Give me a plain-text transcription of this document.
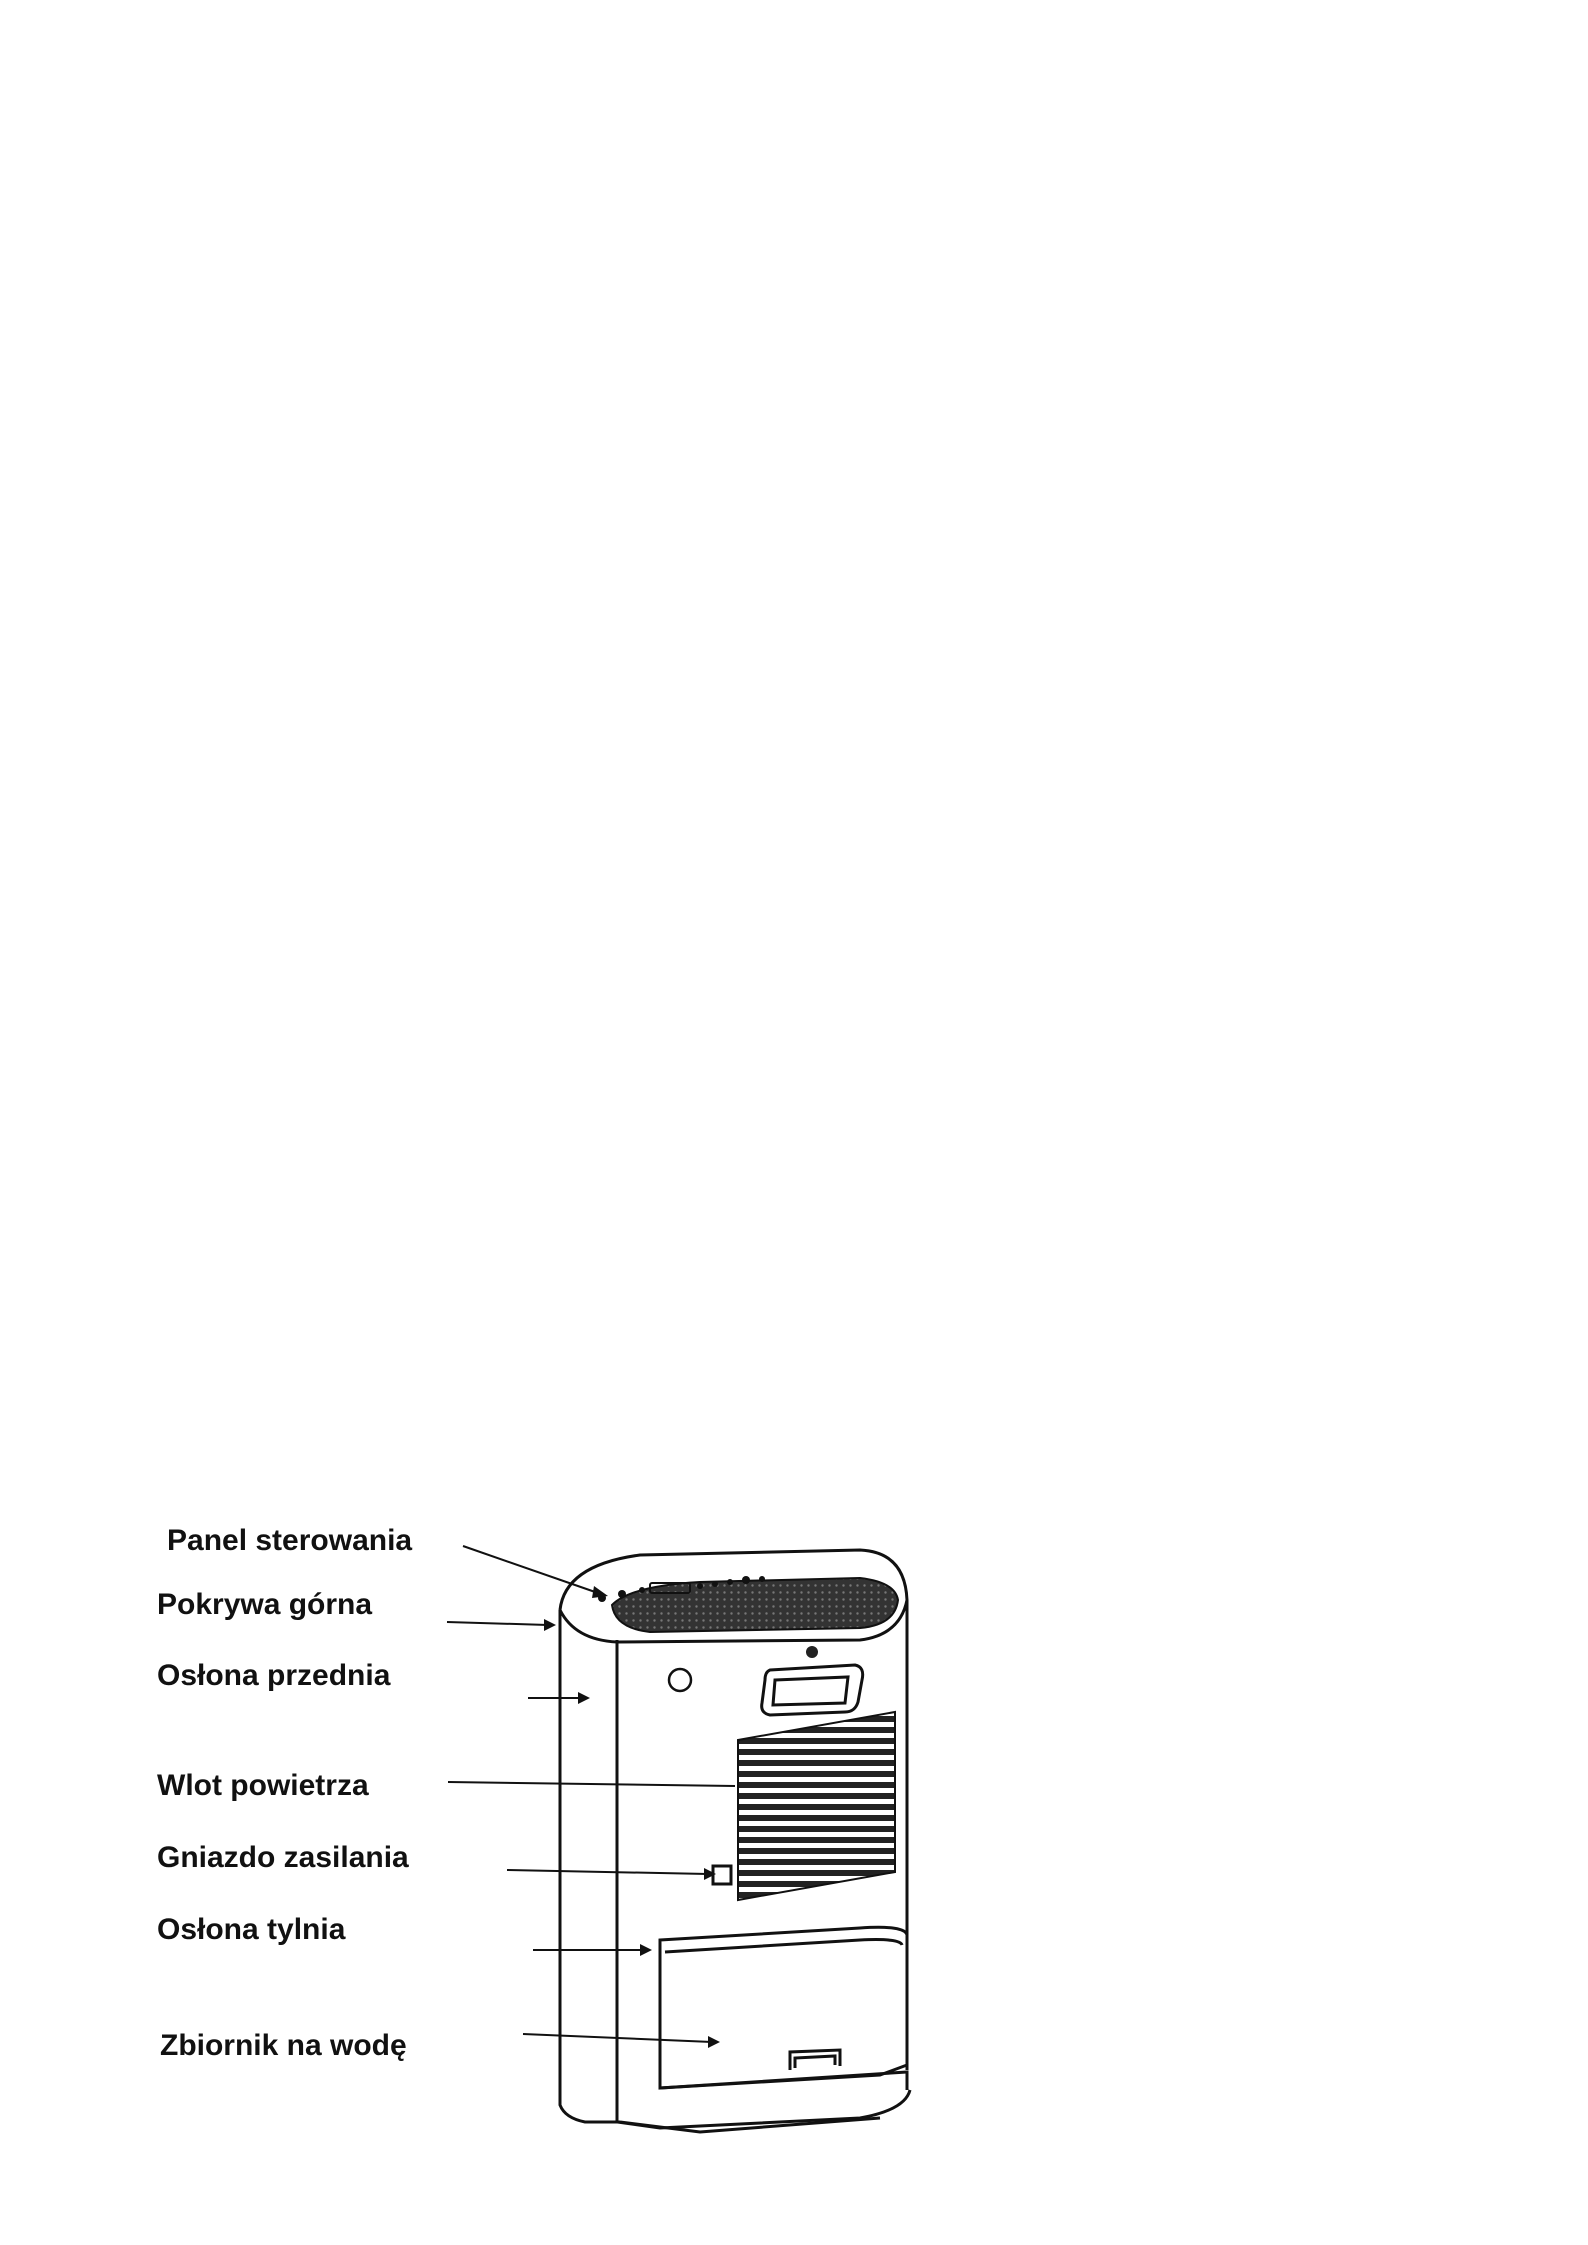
Panel sterowania
Pokrywa górna
Osłona przednia
Wlot powietrza
Gniazdo zasilania
Osłona tylnia
Zbiornik na wodę
